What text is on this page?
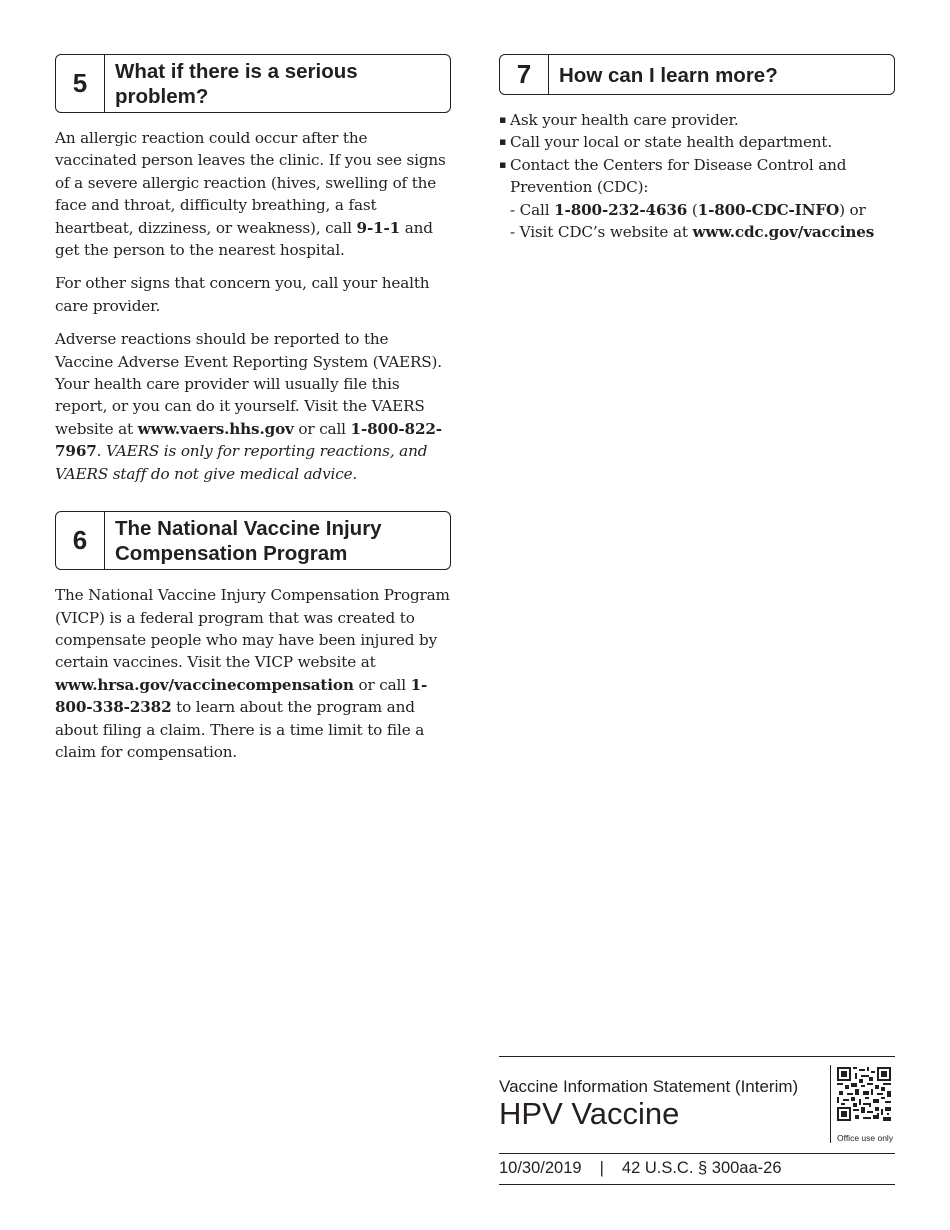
5	What if there is a serious
problem?

An allergic reaction could occur after the vaccinated person leaves the clinic. If you see signs of a severe allergic reaction (hives, swelling of the face and throat, difficulty breathing, a fast heartbeat, dizziness, or weakness), call 9-1-1 and get the person to the nearest hospital.

For other signs that concern you, call your health care provider.

Adverse reactions should be reported to the Vaccine Adverse Event Reporting System (VAERS). Your health care provider will usually file this report, or you can do it yourself. Visit the VAERS website at www.vaers.hhs.gov or call 1-800-822-7967. VAERS is only for reporting reactions, and VAERS staff do not give medical advice.

6	The National Vaccine Injury
Compensation Program

The National Vaccine Injury Compensation Program (VICP) is a federal program that was created to compensate people who may have been injured by certain vaccines. Visit the VICP website at www.hrsa.gov/vaccinecompensation or call 1-800-338-2382 to learn about the program and about filing a claim. There is a time limit to file a claim for compensation.

7	How can I learn more?
▪ Ask your health care provider.
▪ Call your local or state health department.
▪ Contact the Centers for Disease Control and Prevention (CDC):
- Call 1-800-232-4636 (1-800-CDC-INFO) or
- Visit CDC’s website at www.cdc.gov/vaccines
Vaccine Information Statement (Interim)
HPV Vaccine
Office use only
10/30/2019 | 42 U.S.C. § 300aa-26
